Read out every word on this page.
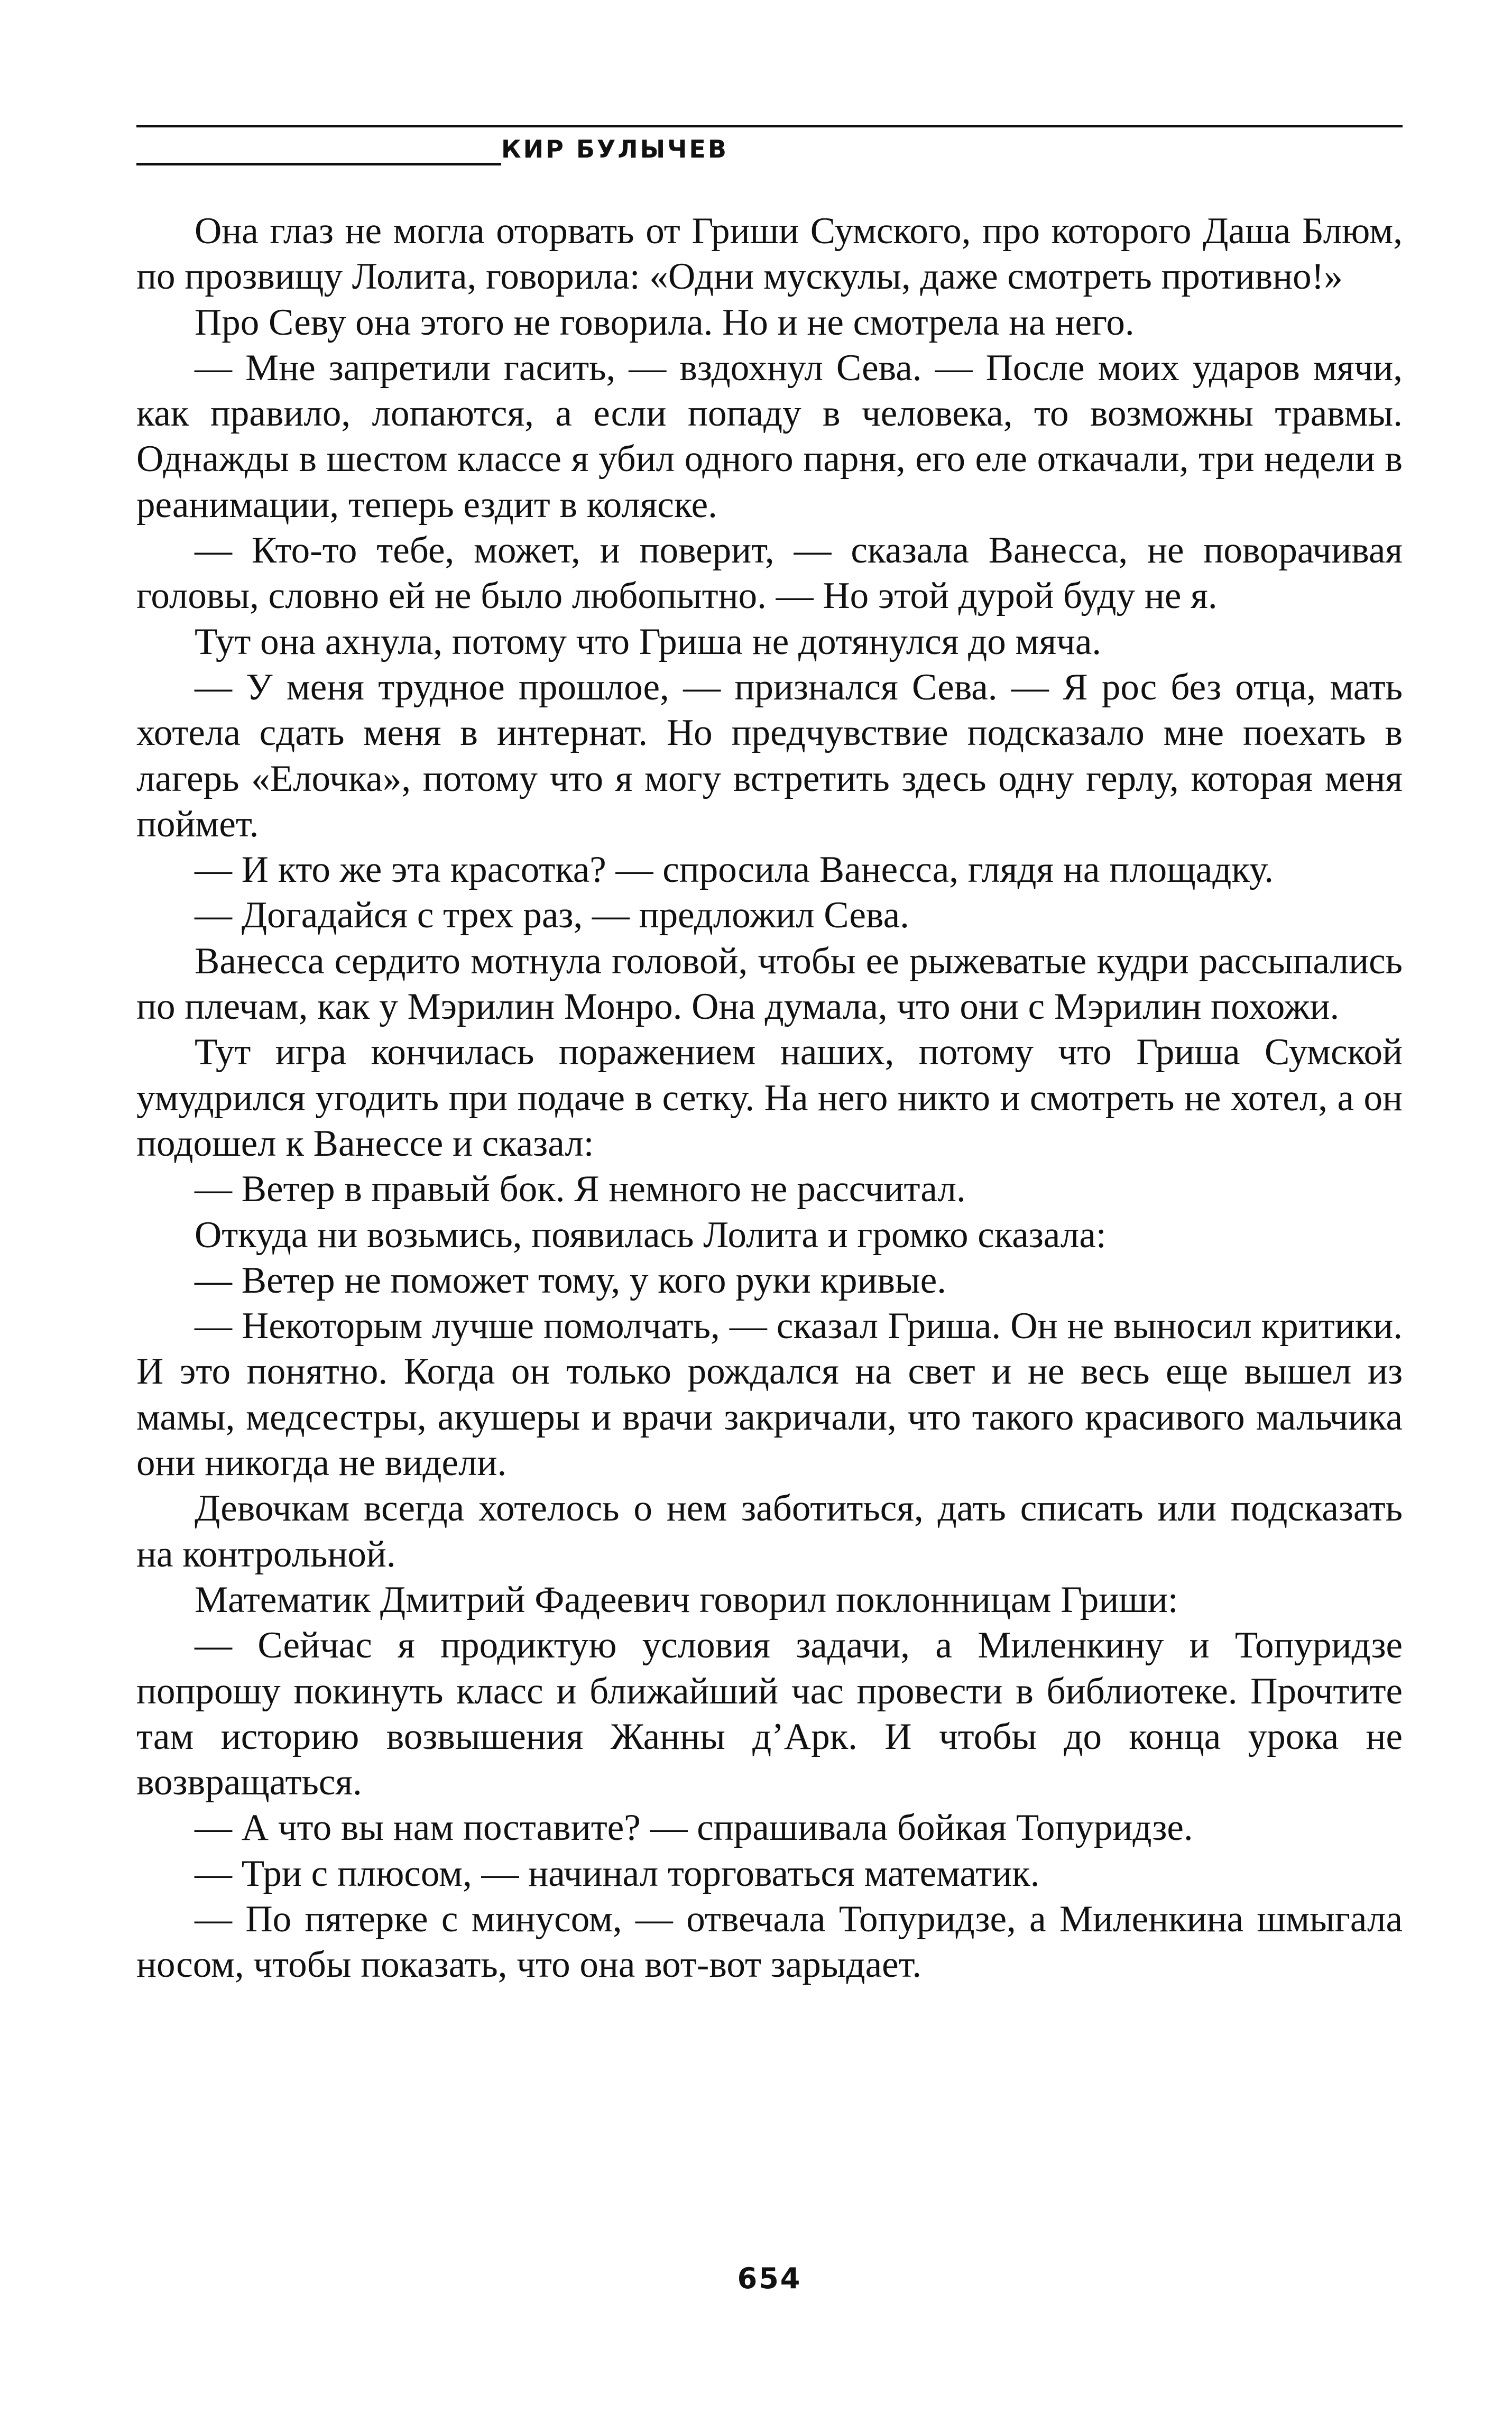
КИР БУЛЫЧЕВ

Она глаз не могла оторвать от Гриши Сумского, про которого Даша Блюм, по прозвищу Лолита, говорила: «Одни мускулы, даже смотреть противно!»

Про Севу она этого не говорила. Но и не смотрела на него.

— Мне запретили гасить, — вздохнул Сева. — После моих ударов мячи, как правило, лопаются, а если попаду в человека, то возможны травмы. Однажды в шестом классе я убил одного парня, его еле откачали, три недели в реанимации, теперь ездит в коляске.

— Кто-то тебе, может, и поверит, — сказала Ванесса, не поворачивая головы, словно ей не было любопытно. — Но этой дурой буду не я.

Тут она ахнула, потому что Гриша не дотянулся до мяча.

— У меня трудное прошлое, — признался Сева. — Я рос без отца, мать хотела сдать меня в интернат. Но предчувствие подсказало мне поехать в лагерь «Елочка», потому что я могу встретить здесь одну герлу, которая меня поймет.

— И кто же эта красотка? — спросила Ванесса, глядя на площадку.

— Догадайся с трех раз, — предложил Сева.

Ванесса сердито мотнула головой, чтобы ее рыжеватые кудри рассыпались по плечам, как у Мэрилин Монро. Она думала, что они с Мэрилин похожи.

Тут игра кончилась поражением наших, потому что Гриша Сумской умудрился угодить при подаче в сетку. На него никто и смотреть не хотел, а он подошел к Ванессе и сказал:

— Ветер в правый бок. Я немного не рассчитал.

Откуда ни возьмись, появилась Лолита и громко сказала:

— Ветер не поможет тому, у кого руки кривые.

— Некоторым лучше помолчать, — сказал Гриша. Он не выносил критики. И это понятно. Когда он только рождался на свет и не весь еще вышел из мамы, медсестры, акушеры и врачи закричали, что такого красивого мальчика они никогда не видели.

Девочкам всегда хотелось о нем заботиться, дать списать или подсказать на контрольной.

Математик Дмитрий Фадеевич говорил поклонницам Гриши:

— Сейчас я продиктую условия задачи, а Миленкину и Топуридзе попрошу покинуть класс и ближайший час провести в библиотеке. Прочтите там историю возвышения Жанны д’Арк. И чтобы до конца урока не возвращаться.

— А что вы нам поставите? — спрашивала бойкая Топуридзе.

— Три с плюсом, — начинал торговаться математик.

— По пятерке с минусом, — отвечала Топуридзе, а Миленкина шмыгала носом, чтобы показать, что она вот-вот зарыдает.

654
